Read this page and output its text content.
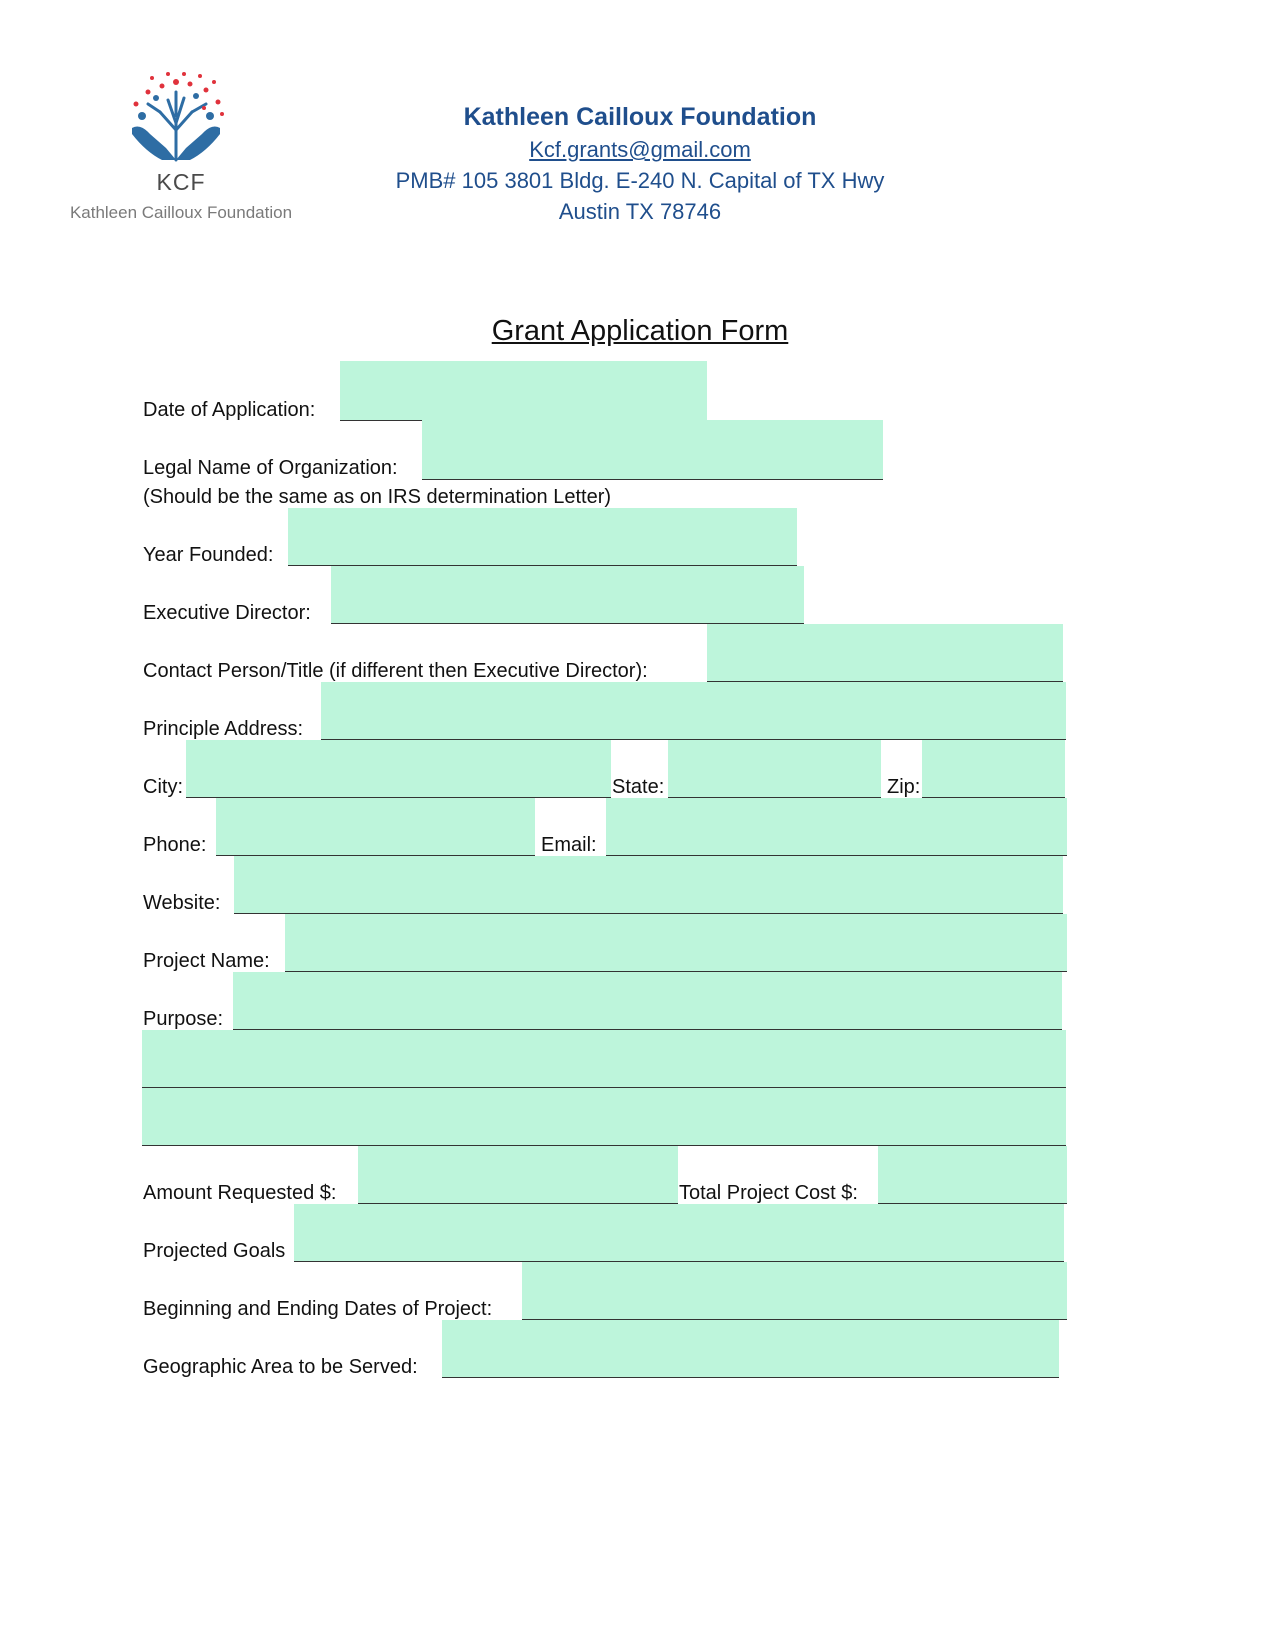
KCF
Kathleen Cailloux Foundation
Kathleen Cailloux Foundation
Kcf.grants@gmail.com
PMB# 105 3801 Bldg. E-240 N. Capital of TX Hwy
Austin TX 78746
Grant Application Form
Date of Application:
Legal Name of Organization:
(Should be the same as on IRS determination Letter)
Year Founded:
Executive Director:
Contact Person/Title (if different then Executive Director):
Principle Address:
City:	State:	Zip:
Phone:	Email:
Website:
Project Name:
Purpose:
Amount Requested $:	Total Project Cost $:
Projected Goals
Beginning and Ending Dates of Project:
Geographic Area to be Served:
